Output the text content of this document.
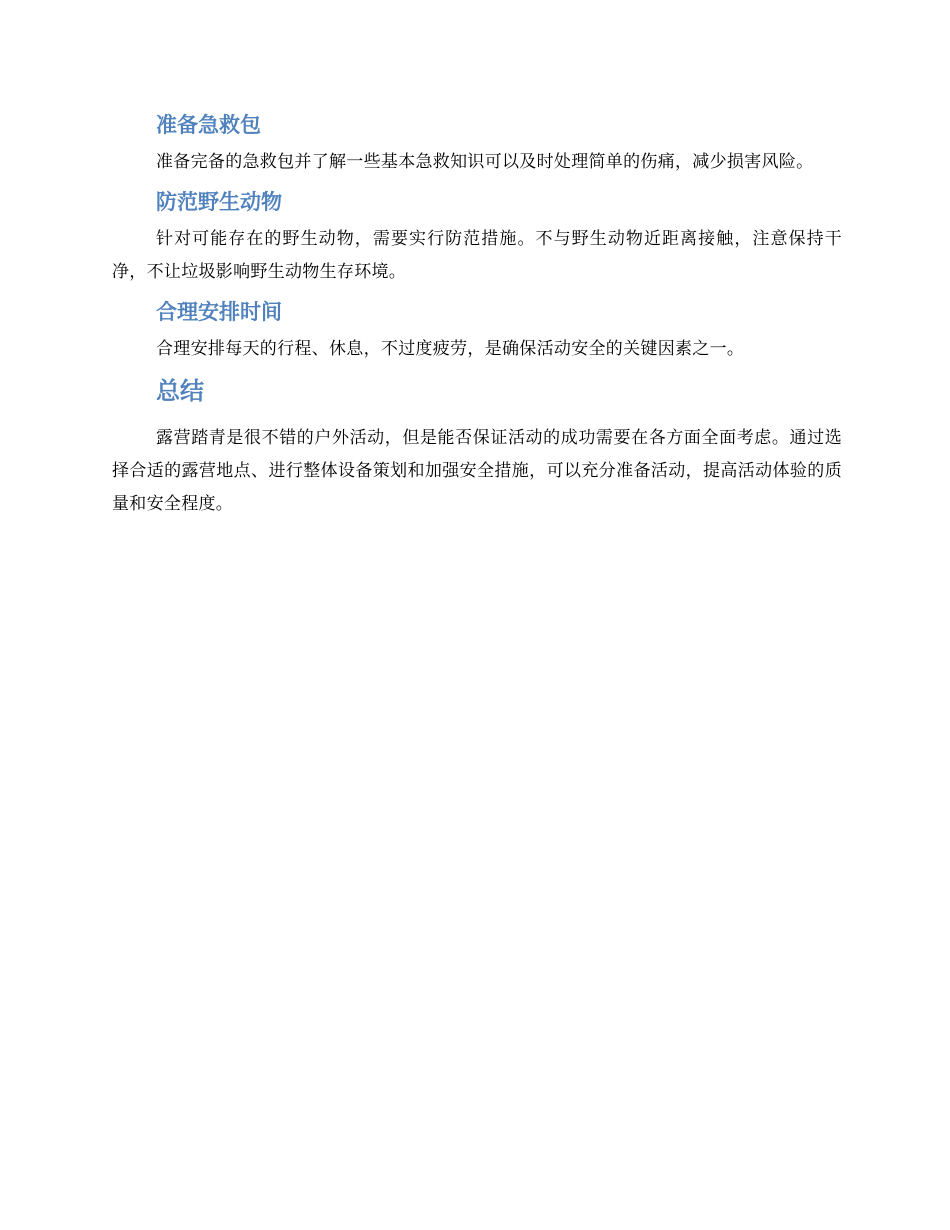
准备急救包

准备完备的急救包并了解一些基本急救知识可以及时处理简单的伤痛，减少损害风险。

防范野生动物

针对可能存在的野生动物，需要实行防范措施。不与野生动物近距离接触，注意保持干净，不让垃圾影响野生动物生存环境。

合理安排时间

合理安排每天的行程、休息，不过度疲劳，是确保活动安全的关键因素之一。

总结

露营踏青是很不错的户外活动，但是能否保证活动的成功需要在各方面全面考虑。通过选择合适的露营地点、进行整体设备策划和加强安全措施，可以充分准备活动，提高活动体验的质量和安全程度。
